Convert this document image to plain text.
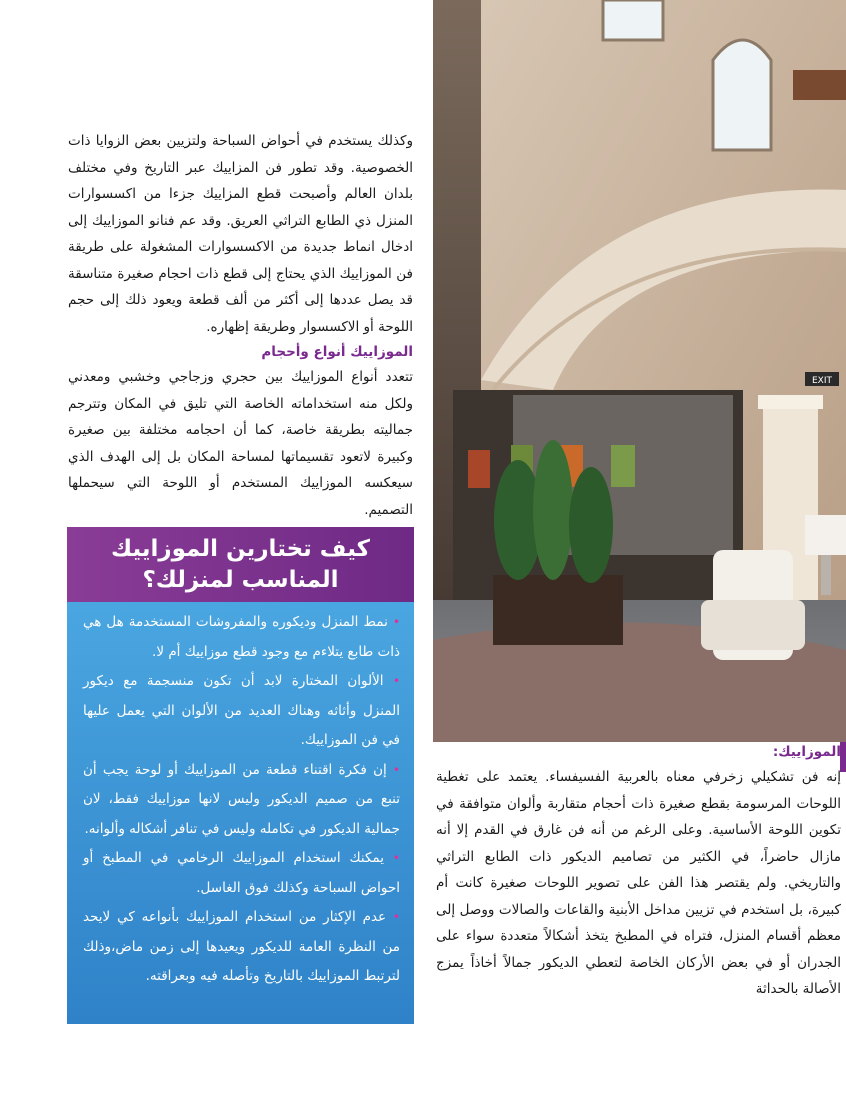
وكذلك يستخدم في أحواض السباحة ولتزيين بعض الزوايا ذات الخصوصية. وقد تطور فن المزاييك عبر التاريخ وفي مختلف بلدان العالم وأصبحت قطع المزاييك جزءا من اكسسوارات المنزل ذي الطابع التراثي العريق. وقد عم فنانو الموزاييك إلى ادخال انماط جديدة من الاكسسوارات المشغولة على طريقة فن الموزاييك الذي يحتاج إلى قطع ذات احجام صغيرة متناسقة قد يصل عددها إلى أكثر من ألف قطعة ويعود ذلك إلى حجم اللوحة أو الاكسسوار وطريقة إظهاره.

الموزاييك أنواع وأحجام

تتعدد أنواع الموزاييك بين حجري وزجاجي وخشبي ومعدني ولكل منه استخداماته الخاصة التي تليق في المكان وتترجم جماليته بطريقة خاصة، كما أن احجامه مختلفة بين صغيرة وكبيرة لاتعود تقسيماتها لمساحة المكان بل إلى الهدف الذي سيعكسه الموزاييك المستخدم أو اللوحة التي سيحملها التصميم.

كيف تختارين الموزاييك
المناسب لمنزلك؟

• نمط المنزل وديكوره والمفروشات المستخدمة هل هي ذات طابع يتلاءم مع وجود قطع موزاييك أم لا.

• الألوان المختارة لابد أن تكون منسجمة مع ديكور المنزل وأثاثه وهناك العديد من الألوان التي يعمل عليها في فن الموزاييك.

• إن فكرة اقتناء قطعة من الموزاييك أو لوحة يجب أن تنبع من صميم الديكور وليس لانها موزاييك فقط، لان جمالية الديكور في تكامله وليس في تنافر أشكاله وألوانه.

• يمكنك استخدام الموزاييك الرخامي في المطبخ أو احواض السباحة وكذلك فوق الغاسل.

• عدم الإكثار من استخدام الموزاييك بأنواعه كي لايحد من النظرة العامة للديكور ويعيدها إلى زمن ماض،وذلك لترتبط الموزاييك بالتاريخ وتأصله فيه وبعراقته.

EXIT
الموزاييك:

إنه فن تشكيلي زخرفي معناه بالعربية الفسيفساء. يعتمد على تغطية اللوحات المرسومة بقطع صغيرة ذات أحجام متقاربة وألوان متوافقة في تكوين اللوحة الأساسية. وعلى الرغم من أنه فن غارق في القدم إلا أنه مازال حاضراً، في الكثير من تصاميم الديكور ذات الطابع التراثي والتاريخي. ولم يقتصر هذا الفن على تصوير اللوحات صغيرة كانت أم كبيرة، بل استخدم في تزيين مداخل الأبنية والقاعات والصالات ووصل إلى معظم أقسام المنزل، فتراه في المطبخ يتخذ أشكالاً متعددة سواء على الجدران أو في بعض الأركان الخاصة لتعطي الديكور جمالاً أخاذاً يمزج الأصالة بالحداثة
